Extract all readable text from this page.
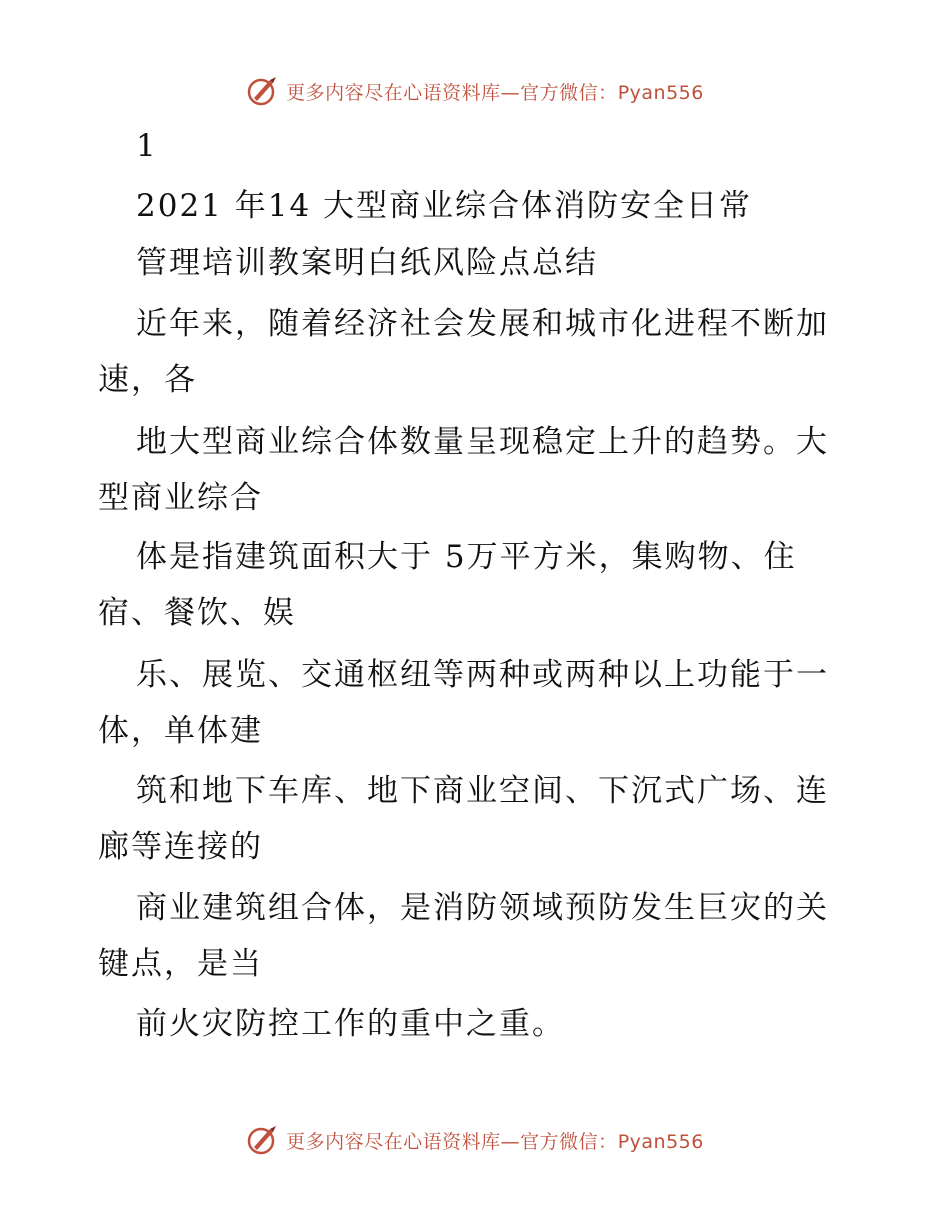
更多内容尽在心语资料库—官方微信：Pyan556
1
2021 年14 大型商业综合体消防安全日常
管理培训教案明白纸风险点总结
近年来，随着经济社会发展和城市化进程不断加
速，各
地大型商业综合体数量呈现稳定上升的趋势。大
型商业综合
体是指建筑面积大于 5万平方米，集购物、住
宿、餐饮、娱
乐、展览、交通枢纽等两种或两种以上功能于一
体，单体建
筑和地下车库、地下商业空间、下沉式广场、连
廊等连接的
商业建筑组合体，是消防领域预防发生巨灾的关
键点，是当
前火灾防控工作的重中之重。
更多内容尽在心语资料库—官方微信：Pyan556
